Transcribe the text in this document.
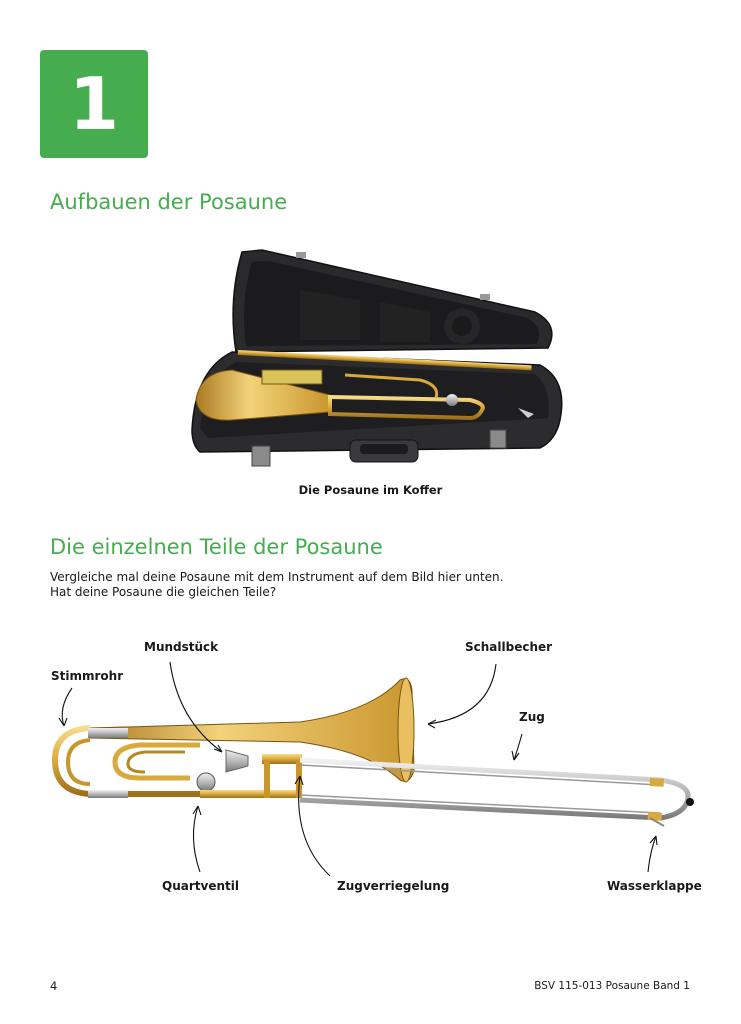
1
Aufbauen der Posaune
Die Posaune im Koffer
Die einzelnen Teile der Posaune
Vergleiche mal deine Posaune mit dem Instrument auf dem Bild hier unten.
Hat deine Posaune die gleichen Teile?
Mundstück	Schallbecher
Stimmrohr
Zug
Quartventil	Zugverriegelung	Wasserklappe
4	BSV 115-013 Posaune Band 1
